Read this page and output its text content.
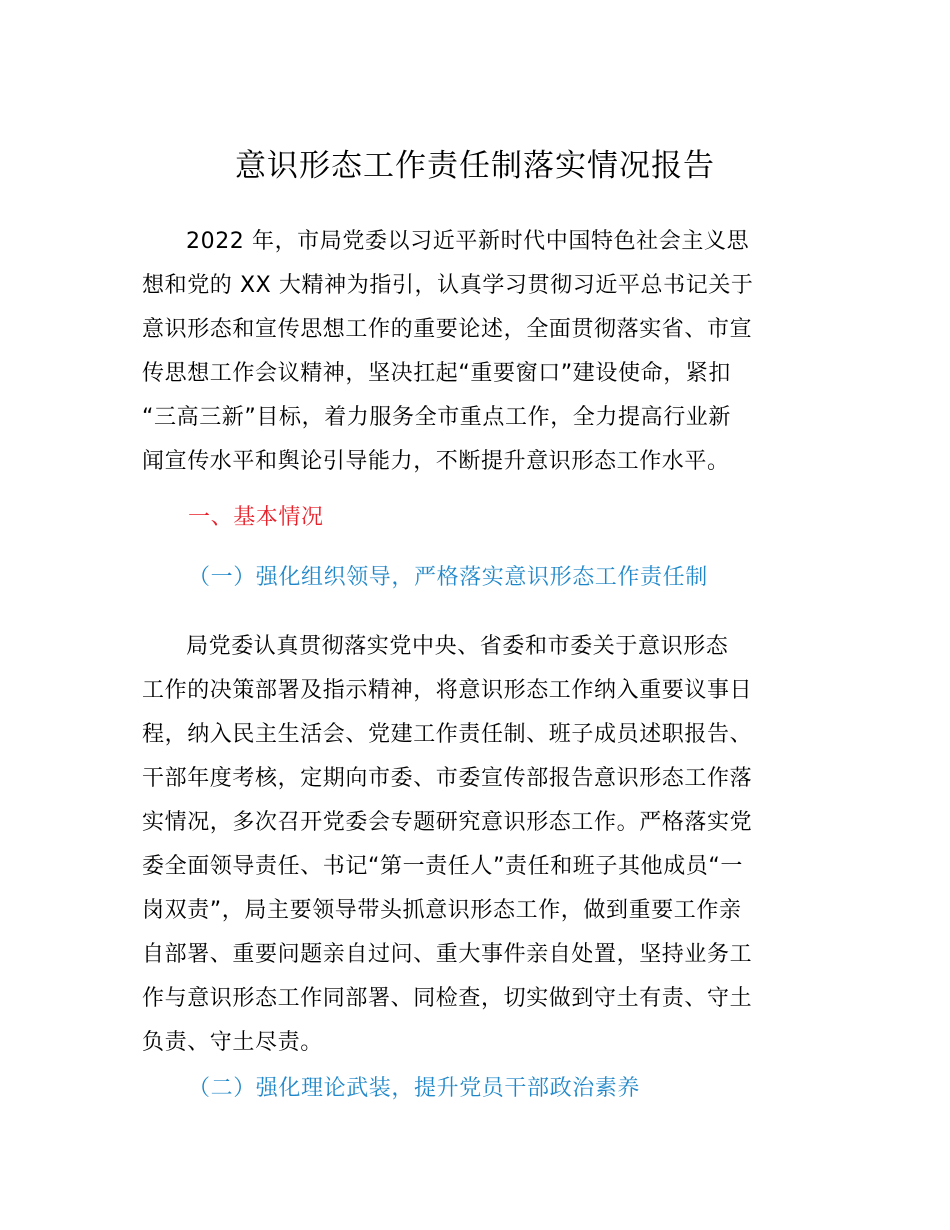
意识形态工作责任制落实情况报告
2022 年，市局党委以习近平新时代中国特色社会主义思
想和党的 XX 大精神为指引，认真学习贯彻习近平总书记关于
意识形态和宣传思想工作的重要论述，全面贯彻落实省、市宣
传思想工作会议精神，坚决扛起“重要窗口”建设使命，紧扣
“三高三新”目标，着力服务全市重点工作，全力提高行业新
闻宣传水平和舆论引导能力，不断提升意识形态工作水平。
一、基本情况
（一）强化组织领导，严格落实意识形态工作责任制
局党委认真贯彻落实党中央、省委和市委关于意识形态
工作的决策部署及指示精神，将意识形态工作纳入重要议事日
程，纳入民主生活会、党建工作责任制、班子成员述职报告、
干部年度考核，定期向市委、市委宣传部报告意识形态工作落
实情况，多次召开党委会专题研究意识形态工作。严格落实党
委全面领导责任、书记“第一责任人”责任和班子其他成员“一
岗双责”，局主要领导带头抓意识形态工作，做到重要工作亲
自部署、重要问题亲自过问、重大事件亲自处置，坚持业务工
作与意识形态工作同部署、同检查，切实做到守土有责、守土
负责、守土尽责。
（二）强化理论武装，提升党员干部政治素养
